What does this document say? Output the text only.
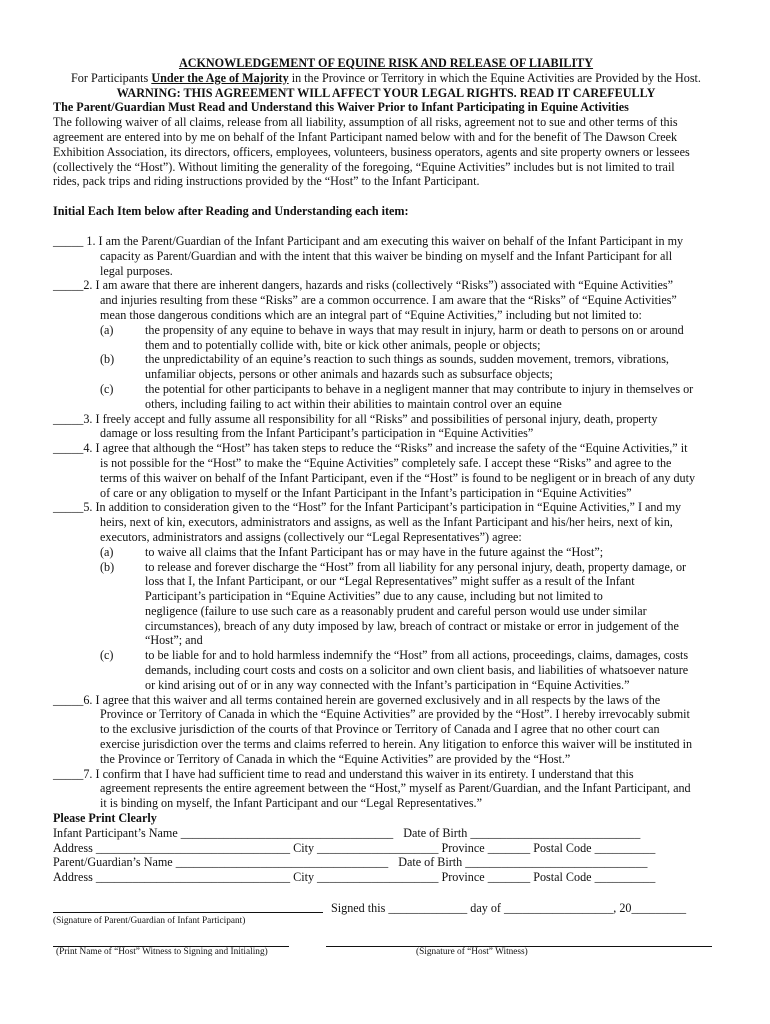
ACKNOWLEDGEMENT OF EQUINE RISK AND RELEASE OF LIABILITY

For Participants Under the Age of Majority in the Province or Territory in which the Equine Activities are Provided by the Host.

WARNING: THIS AGREEMENT WILL AFFECT YOUR LEGAL RIGHTS. READ IT CAREFEULLY

The Parent/Guardian Must Read and Understand this Waiver Prior to Infant Participating in Equine Activities

The following waiver of all claims, release from all liability, assumption of all risks, agreement not to sue and other terms of this

agreement are entered into by me on behalf of the Infant Participant named below with and for the benefit of The Dawson Creek

Exhibition Association, its directors, officers, employees, volunteers, business operators, agents and site property owners or lessees

(collectively the “Host”). Without limiting the generality of the foregoing, “Equine Activities” includes but is not limited to trail

rides, pack trips and riding instructions provided by the “Host” to the Infant Participant.

Initial Each Item below after Reading and Understanding each item:

_____ 1. I am the Parent/Guardian of the Infant Participant and am executing this waiver on behalf of the Infant Participant in my

capacity as Parent/Guardian and with the intent that this waiver be binding on myself and the Infant Participant for all

legal purposes.

_____2. I am aware that there are inherent dangers, hazards and risks (collectively “Risks”) associated with “Equine Activities”

and injuries resulting from these “Risks” are a common occurrence. I am aware that the “Risks” of “Equine Activities”

mean those dangerous conditions which are an integral part of “Equine Activities,” including but not limited to:

(a)	the propensity of any equine to behave in ways that may result in injury, harm or death to persons on or around

them and to potentially collide with, bite or kick other animals, people or objects;

(b)	the unpredictability of an equine’s reaction to such things as sounds, sudden movement, tremors, vibrations,

unfamiliar objects, persons or other animals and hazards such as subsurface objects;

(c)	the potential for other participants to behave in a negligent manner that may contribute to injury in themselves or

others, including failing to act within their abilities to maintain control over an equine

_____3. I freely accept and fully assume all responsibility for all “Risks” and possibilities of personal injury, death, property

damage or loss resulting from the Infant Participant’s participation in “Equine Activities”

_____4. I agree that although the “Host” has taken steps to reduce the “Risks” and increase the safety of the “Equine Activities,” it

is not possible for the “Host” to make the “Equine Activities” completely safe. I accept these “Risks” and agree to the

terms of this waiver on behalf of the Infant Participant, even if the “Host” is found to be negligent or in breach of any duty

of care or any obligation to myself or the Infant Participant in the Infant’s participation in “Equine Activities”

_____5. In addition to consideration given to the “Host” for the Infant Participant’s participation in “Equine Activities,” I and my

heirs, next of kin, executors, administrators and assigns, as well as the Infant Participant and his/her heirs, next of kin,

executors, administrators and assigns (collectively our “Legal Representatives”) agree:

(a)	to waive all claims that the Infant Participant has or may have in the future against the “Host”;

(b)	to release and forever discharge the “Host” from all liability for any personal injury, death, property damage, or

loss that I, the Infant Participant, or our “Legal Representatives” might suffer as a result of the Infant

Participant’s participation in “Equine Activities” due to any cause, including but not limited to

negligence (failure to use such care as a reasonably prudent and careful person would use under similar

circumstances), breach of any duty imposed by law, breach of contract or mistake or error in judgement of the

“Host”; and

(c)	to be liable for and to hold harmless indemnify the “Host” from all actions, proceedings, claims, damages, costs

demands, including court costs and costs on a solicitor and own client basis, and liabilities of whatsoever nature

or kind arising out of or in any way connected with the Infant’s participation in “Equine Activities.”

_____6. I agree that this waiver and all terms contained herein are governed exclusively and in all respects by the laws of the

Province or Territory of Canada in which the “Equine Activities” are provided by the “Host”. I hereby irrevocably submit

to the exclusive jurisdiction of the courts of that Province or Territory of Canada and I agree that no other court can

exercise jurisdiction over the terms and claims referred to herein. Any litigation to enforce this waiver will be instituted in

the Province or Territory of Canada in which the “Equine Activities” are provided by the “Host.”

_____7. I confirm that I have had sufficient time to read and understand this waiver in its entirety. I understand that this

agreement represents the entire agreement between the “Host,” myself as Parent/Guardian, and the Infant Participant, and

it is binding on myself, the Infant Participant and our “Legal Representatives.”

Please Print Clearly

Infant Participant’s Name ___________________________________ Date of Birth ____________________________
Address ________________________________ City ____________________ Province _______ Postal Code __________
Parent/Guardian’s Name ___________________________________ Date of Birth ______________________________
Address ________________________________ City ____________________ Province _______ Postal Code __________
Signed this _____________ day of __________________, 20_________

(Signature of Parent/Guardian of Infant Participant)

(Print Name of “Host” Witness to Signing and Initialing)	(Signature of “Host” Witness)
